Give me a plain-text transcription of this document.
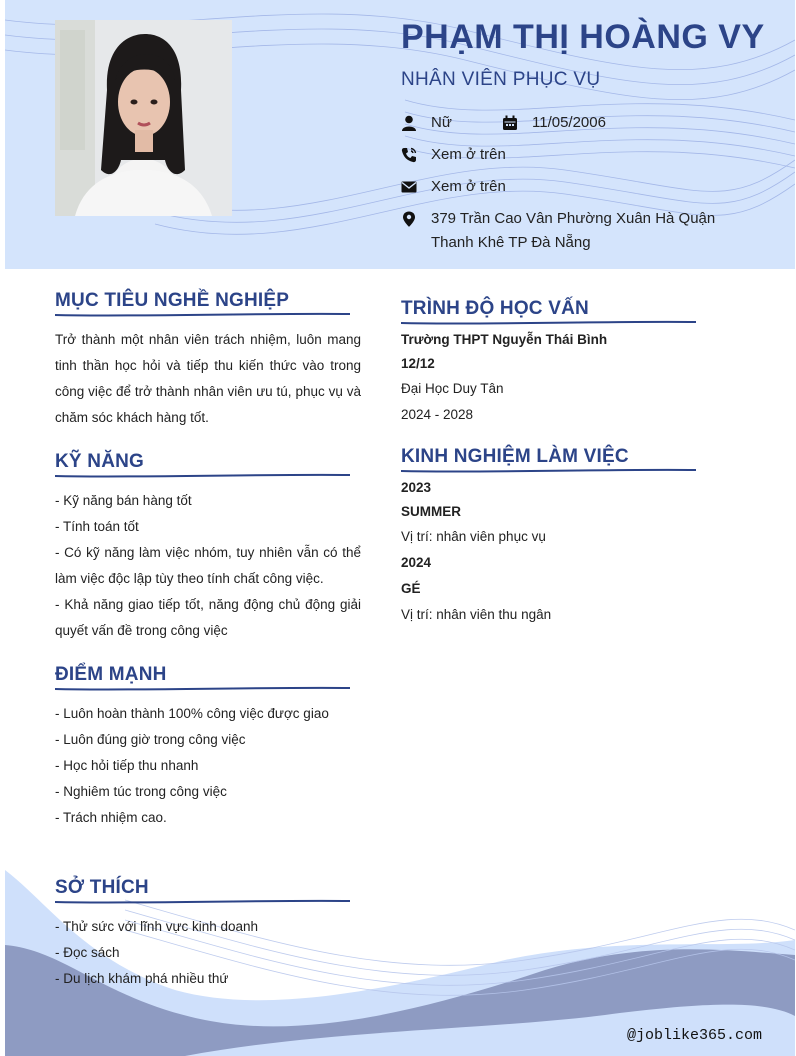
PHẠM THỊ HOÀNG VY
NHÂN VIÊN PHỤC VỤ
Nữ	11/05/2006
Xem ở trên
Xem ở trên
379 Trần Cao Vân Phường Xuân Hà Quận Thanh Khê TP Đà Nẵng
MỤC TIÊU NGHỀ NGHIỆP
Trở thành một nhân viên trách nhiệm, luôn mang tinh thần học hỏi và tiếp thu kiến thức vào trong công việc để trở thành nhân viên ưu tú, phục vụ và chăm sóc khách hàng tốt.
KỸ NĂNG
- Kỹ năng bán hàng tốt
- Tính toán tốt
- Có kỹ năng làm việc nhóm, tuy nhiên vẫn có thể làm việc độc lập tùy theo tính chất công việc.
- Khả năng giao tiếp tốt, năng động chủ động giải quyết vấn đề trong công việc
ĐIỂM MẠNH
- Luôn hoàn thành 100% công việc được giao
- Luôn đúng giờ trong công việc
- Học hỏi tiếp thu nhanh
- Nghiêm túc trong công việc
- Trách nhiệm cao.
SỞ THÍCH
- Thử sức với lĩnh vực kinh doanh
- Đọc sách
- Du lịch khám phá nhiều thứ
TRÌNH ĐỘ HỌC VẤN
Trường THPT Nguyễn Thái Bình
12/12
Đại Học Duy Tân
2024 - 2028
KINH NGHIỆM LÀM VIỆC
2023
SUMMER
Vị trí: nhân viên phục vụ
2024
GÉ
Vị trí: nhân viên thu ngân
@joblike365.com
